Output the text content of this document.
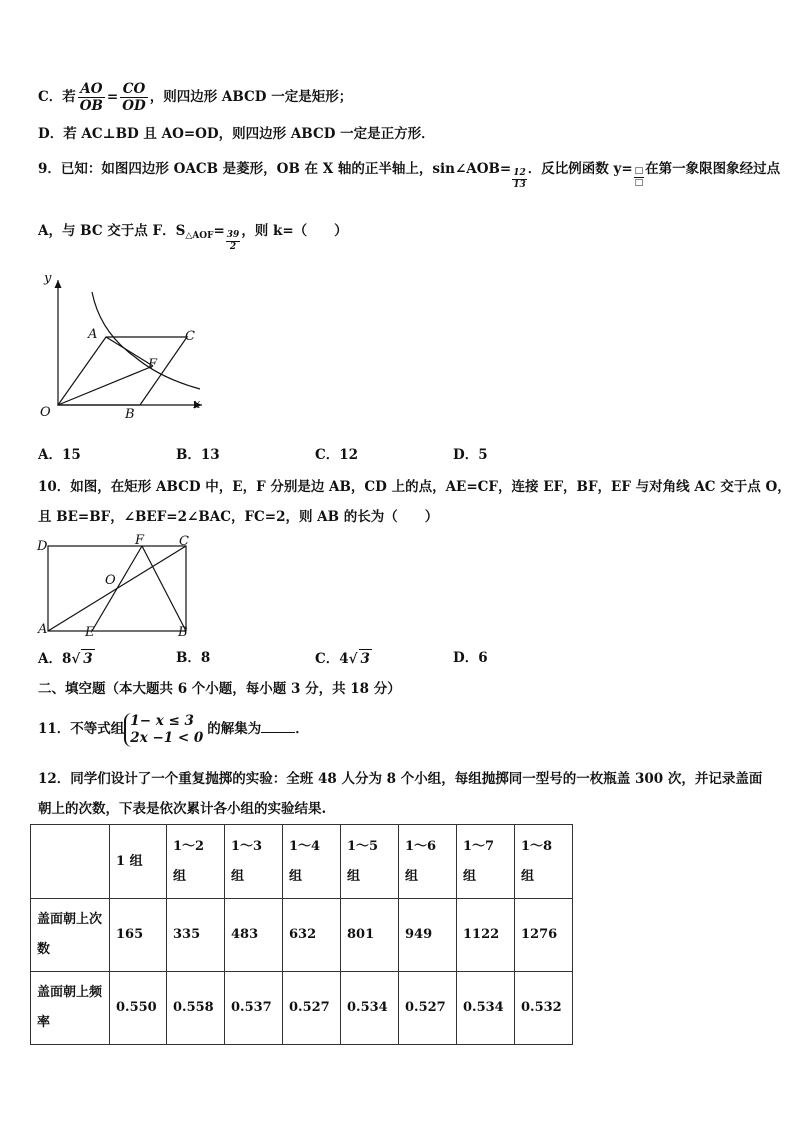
C．若 $\frac{AO}{OB} = \frac{CO}{OD}$ ，则四边形 ABCD 一定是矩形；
D．若 AC⊥BD 且 AO=OD，则四边形 ABCD 一定是正方形．
9．已知：如图四边形 OACB 是菱形，OB 在 X 轴的正半轴上，sin∠AOB= $\frac{12}{13}$ ．反比例函数 y= □
□
在第一象限图象经过点
A，与 BC 交于点 F．$S_{\triangle AOF}= \frac{39}{2}$ ，则 k=（　　）
y
x
O
A
B
C
F
A．15	B．13	C．12	D．5
10．如图，在矩形 ABCD 中，E，F 分别是边 AB，CD 上的点，AE=CF，连接 EF，BF，EF 与对角线 AC 交于点 O，
且 BE=BF，∠BEF=2∠BAC，FC=2，则 AB 的长为（　　）
D	F	C
O
A	E	B
A．8√ 3	B．8	C．4√ 3	D．6
二、填空题（本大题共 6 个小题，每小题 3 分，共 18 分）
11．不等式组
1− x ≤ 3
2x −1 < 0
的解集为	．
12．同学们设计了一个重复抛掷的实验：全班 48 人分为 8 个小组，每组抛掷同一型号的一枚瓶盖 300 次，并记录盖面
朝上的次数，下表是依次累计各小组的实验结果.
	1 组	1～2 组	1～3 组	1～4 组	1～5 组	1～6 组	1～7 组	1～8 组
盖面朝上次数	165	335	483	632	801	949	1122	1276
盖面朝上频率	0.550	0.558	0.537	0.527	0.534	0.527	0.534	0.532
